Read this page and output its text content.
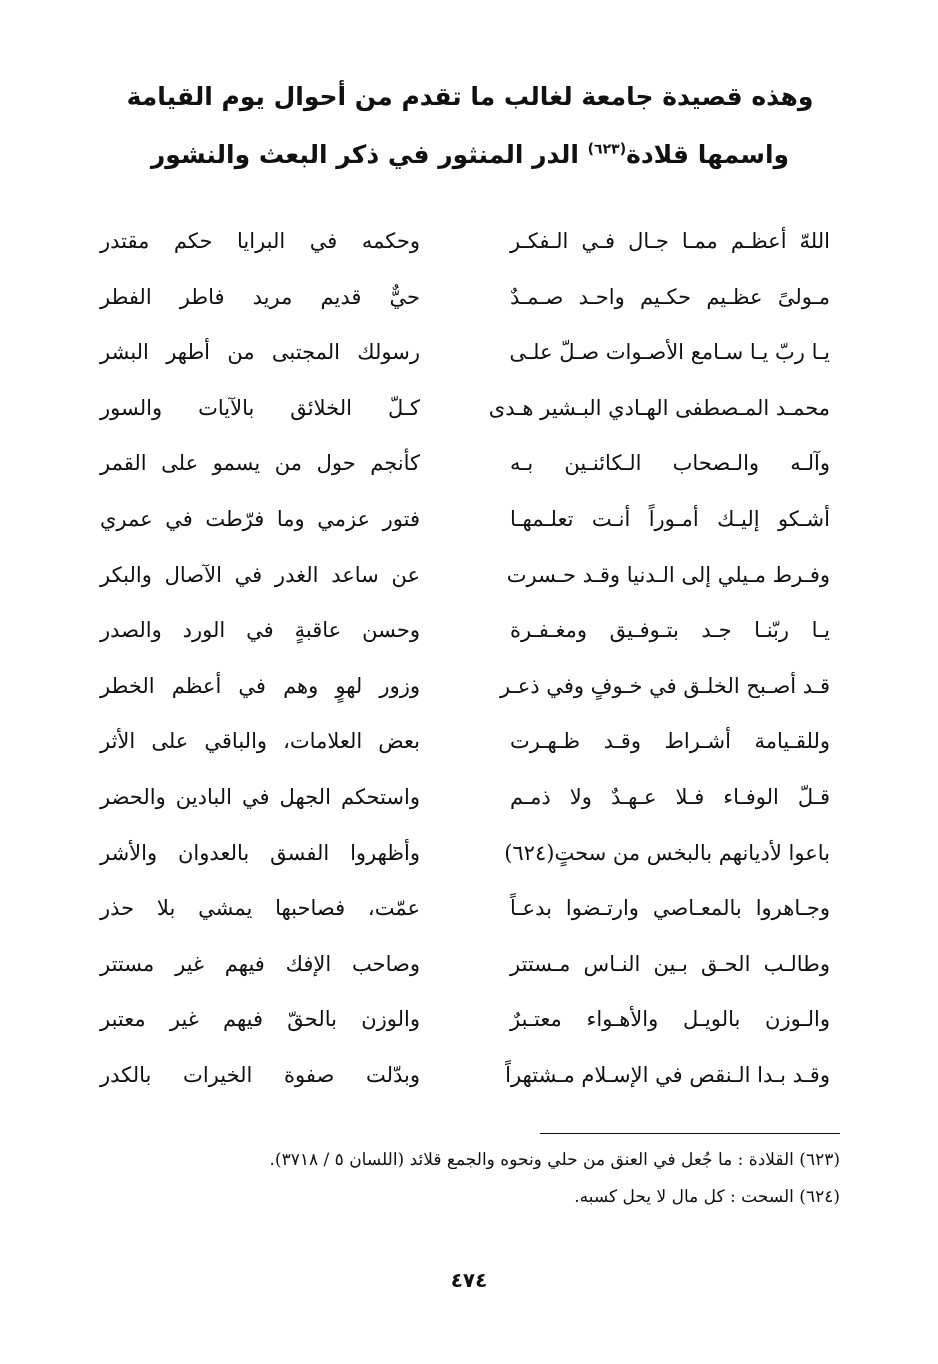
وهذه قصيدة جامعة لغالب ما تقدم من أحوال يوم القيامة
واسمها قلادة$^{(٦٢٣)}$ الدر المنثور في ذكر البعث والنشور
اللهّ أعظـم ممـا جـال فـي الـفكـر
وحكمه في البرايا حكم مقتدر
مـولىً عظـيم حكـيم واحـد صـمـدٌ
حيٌّ قديم مريد فاطر الفطر
يـا ربّ يـا سـامع الأصـوات صـلّ علـى
رسولك المجتبى من أطهر البشر
محمـد المـصطفى الهـادي البـشير هـدى
كـلّ الخلائق بالآيات والسور
وآلـه والـصحاب الـكائنـين بـه
كأنجم حول من يسمو على القمر
أشـكو إليـك أمـوراً أنـت تعلـمهـا
فتور عزمي وما فرّطت في عمري
وفـرط مـيلي إلى الـدنيا وقـد حـسرت
عن ساعد الغدر في الآصال والبكر
يـا ربّنـا جـد بتـوفـيق ومغـفـرة
وحسن عاقبةٍ في الورد والصدر
قـد أصـبح الخلـق في خـوفٍ وفي ذعـر
وزور لهوٍ وهم في أعظم الخطر
وللقـيامة أشـراط وقـد ظـهـرت
بعض العلامات، والباقي على الأثر
قـلّ الوفـاء فـلا عـهـدٌ ولا ذمـم
واستحكم الجهل في البادين والحضر
باعوا لأديانهم بالبخس من سحتٍ(٦٢٤)
وأظهروا الفسق بالعدوان والأشر
وجـاهروا بالمعـاصي وارتـضوا بدعـاً
عمّت، فصاحبها يمشي بلا حذر
وطالـب الحـق بـين النـاس مـستتر
وصاحب الإفك فيهم غير مستتر
والـوزن بالويـل والأهـواء معتـبرٌ
والوزن بالحقّ فيهم غير معتبر
وقـد بـدا الـنقص في الإسـلام مـشتهراً
وبدّلت صفوة الخيرات بالكدر
(٦٢٣) القلادة : ما جُعل في العنق من حلي ونحوه والجمع قلائد (اللسان ٥ / ٣٧١٨).
(٦٢٤) السحت : كل مال لا يحل كسبه.
٤٧٤
